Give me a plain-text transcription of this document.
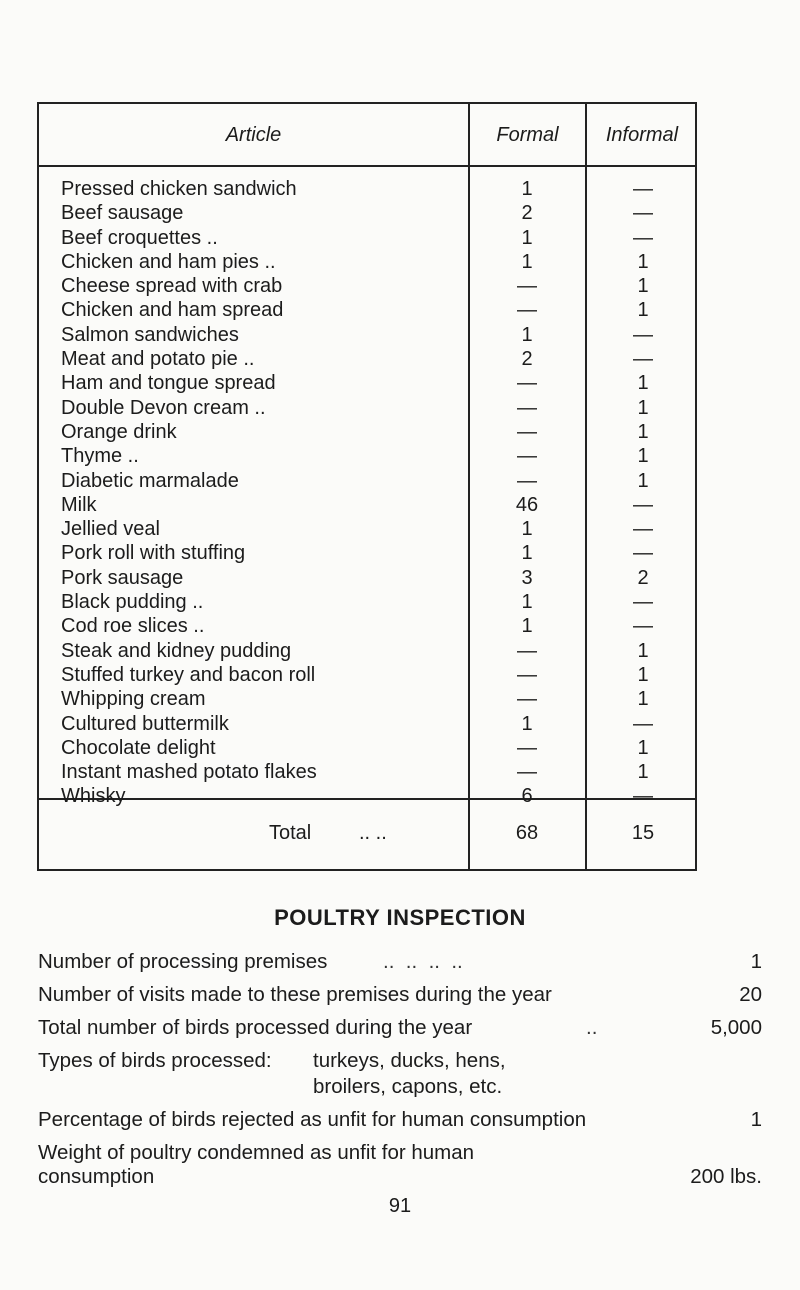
Article	Formal	Informal
Pressed chicken sandwich	1	—
Beef sausage	2	—
Beef croquettes ..	1	—
Chicken and ham pies ..	1	1
Cheese spread with crab	—	1
Chicken and ham spread	—	1
Salmon sandwiches	1	—
Meat and potato pie ..	2	—
Ham and tongue spread	—	1
Double Devon cream ..	—	1
Orange drink	—	1
Thyme ..	—	1
Diabetic marmalade	—	1
Milk	46	—
Jellied veal	1	—
Pork roll with stuffing	1	—
Pork sausage	3	2
Black pudding ..	1	—
Cod roe slices ..	1	—
Steak and kidney pudding	—	1
Stuffed turkey and bacon roll	—	1
Whipping cream	—	1
Cultured buttermilk	1	—
Chocolate delight	—	1
Instant mashed potato flakes	—	1
Whisky	6	—
Total .. ..	68	15
POULTRY INSPECTION
Number of processing premises	..  ..  ..  ..	1
Number of visits made to these premises during the year	20
Total number of birds processed during the year	..	5,000
Types of birds processed: turkeys, ducks, hens,
broilers, capons, etc.
Percentage of birds rejected as unfit for human consumption	1
Weight of poultry condemned as unfit for human
consumption	200 lbs.
91
